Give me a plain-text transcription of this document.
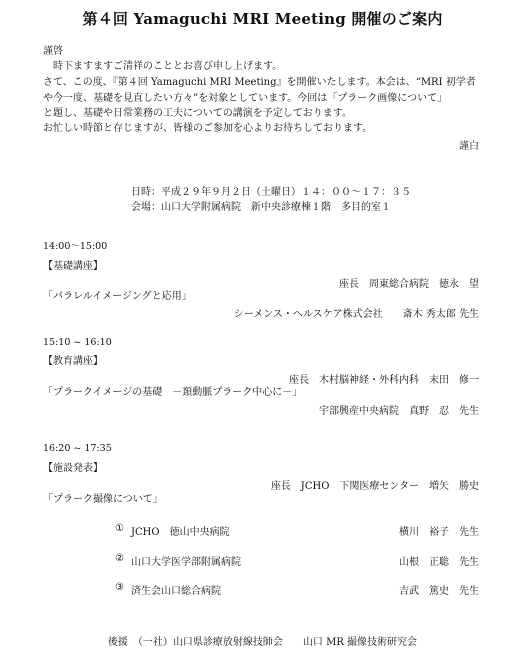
第４回 Yamaguchi MRI Meeting 開催のご案内
謹啓
　時下ますますご清祥のこととお喜び申し上げます。
さて、この度、『第４回 Yamaguchi MRI Meeting』を開催いたします。本会は、“MRI 初学者
や今一度、基礎を見直したい方々”を対象としています。今回は「プラーク画像について」
と題し、基礎や日常業務の工夫についての講演を予定しております。
お忙しい時節と存じますが、皆様のご参加を心よりお待ちしております。
謹白
日時：平成２９年９月２日（土曜日）１４：００〜１７：３５
会場：山口大学附属病院　新中央診療棟１階　多目的室１
14:00〜15:00
【基礎講座】
座長　周東総合病院　徳永　望
「パラレルイメージングと応用」
シーメンス・ヘルスケア株式会社　　斎木 秀太郎 先生
15:10 ~ 16:10
【教育講座】
座長　木村脳神経・外科内科　末田　修一
「プラークイメージの基礎　－頚動脈プラーク中心に－」
宇部興産中央病院　真野　忍　先生
16:20 ~ 17:35
【施設発表】
座長　JCHO　下関医療センター　増矢　勝史
「プラーク撮像について」
① JCHO　徳山中央病院	横川　裕子　先生
② 山口大学医学部附属病院	山根　正聡　先生
③ 済生会山口総合病院	吉武　篤史　先生
後援　（一社）山口県診療放射線技師会　　山口 MR 撮像技術研究会
